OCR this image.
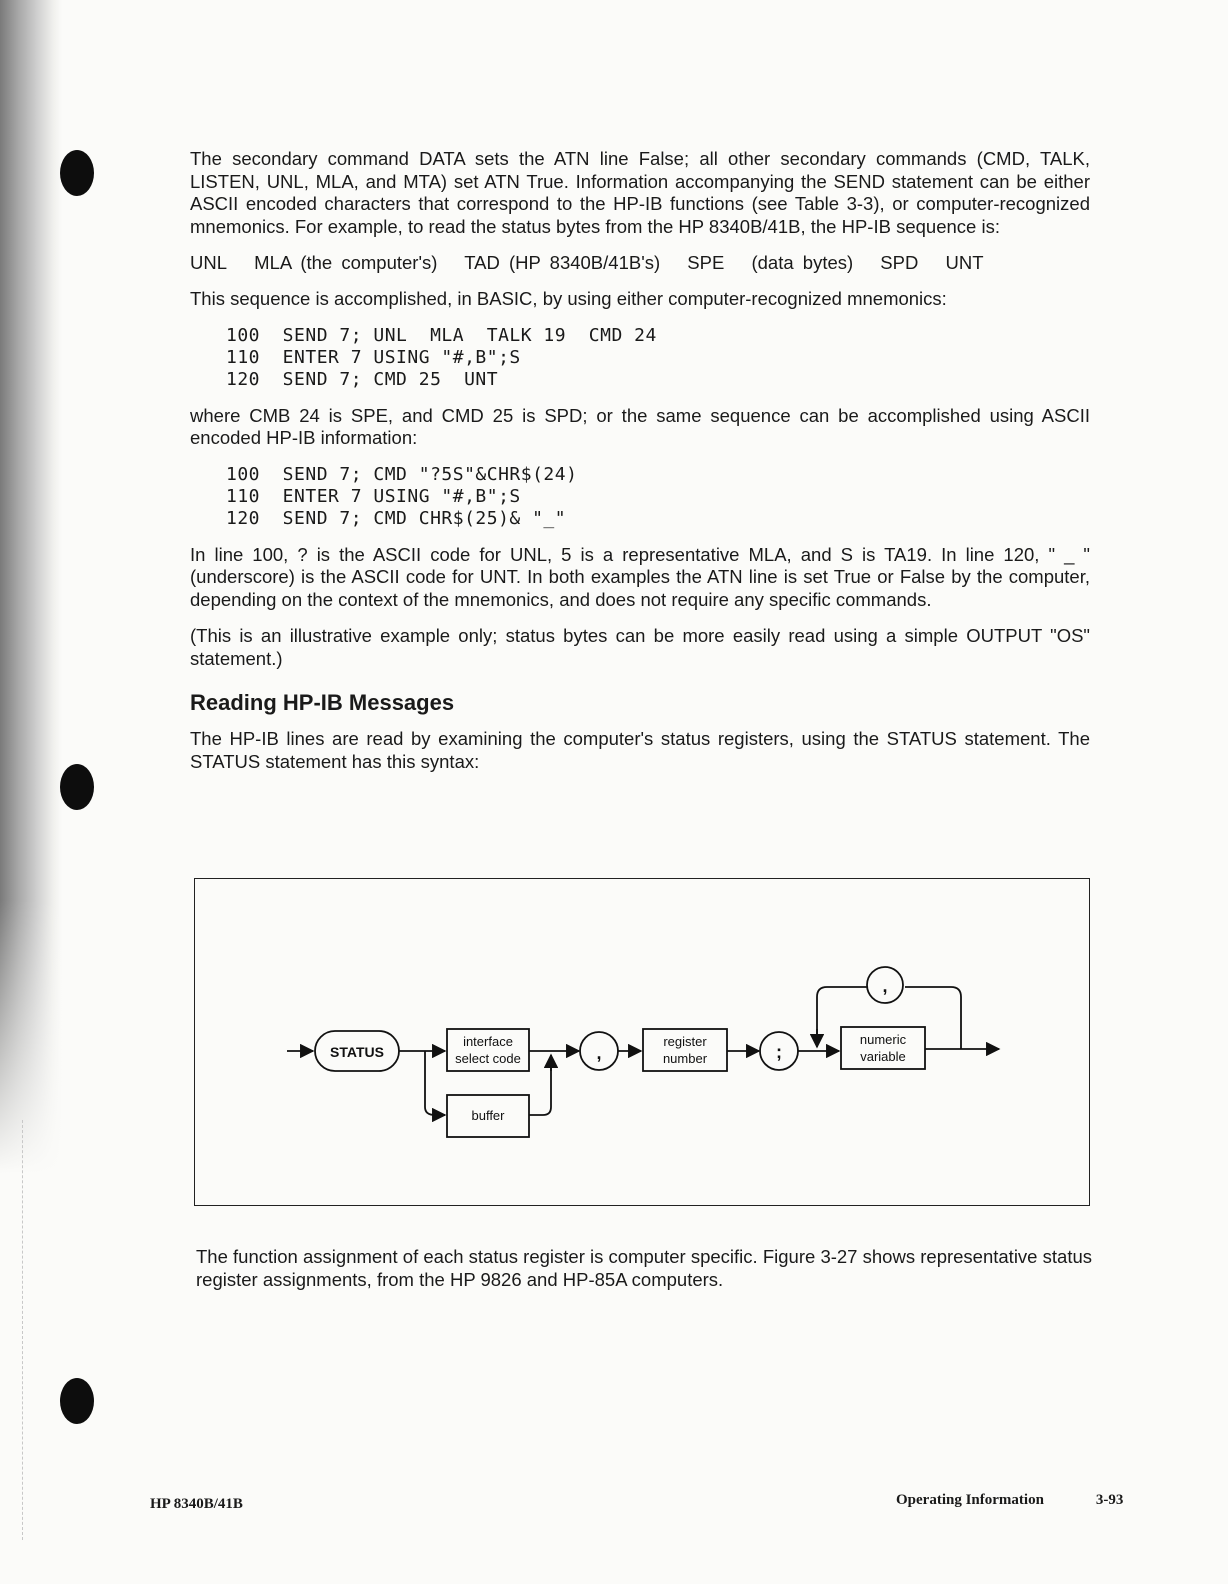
The secondary command DATA sets the ATN line False; all other secondary commands (CMD, TALK, LISTEN, UNL, MLA, and MTA) set ATN True. Information accompanying the SEND statement can be either ASCII encoded characters that correspond to the HP-IB functions (see Table 3-3), or computer-recognized mnemonics. For example, to read the status bytes from the HP 8340B/41B, the HP-IB sequence is:

UNL MLA (the computer's) TAD (HP 8340B/41B's) SPE (data bytes) SPD UNT

This sequence is accomplished, in BASIC, by using either computer-recognized mnemonics:

100  SEND 7; UNL  MLA  TALK 19  CMD 24
110  ENTER 7 USING "#,B";S
120  SEND 7; CMD 25  UNT

where CMB 24 is SPE, and CMD 25 is SPD; or the same sequence can be accomplished using ASCII encoded HP-IB information:

100  SEND 7; CMD "?5S"&CHR$(24)
110  ENTER 7 USING "#,B";S
120  SEND 7; CMD CHR$(25)& "_"

In line 100, ? is the ASCII code for UNL, 5 is a representative MLA, and S is TA19. In line 120, " _ " (underscore) is the ASCII code for UNT. In both examples the ATN line is set True or False by the computer, depending on the context of the mnemonics, and does not require any specific commands.

(This is an illustrative example only; status bytes can be more easily read using a simple OUTPUT "OS" statement.)

Reading HP-IB Messages

The HP-IB lines are read by examining the computer's status registers, using the STATUS statement. The STATUS statement has this syntax:

STATUS
interface
select code
buffer
,
register
number	;
numeric
variable
,

The function assignment of each status register is computer specific. Figure 3-27 shows representative status register assignments, from the HP 9826 and HP-85A computers.

HP 8340B/41B	Operating Information	3-93
